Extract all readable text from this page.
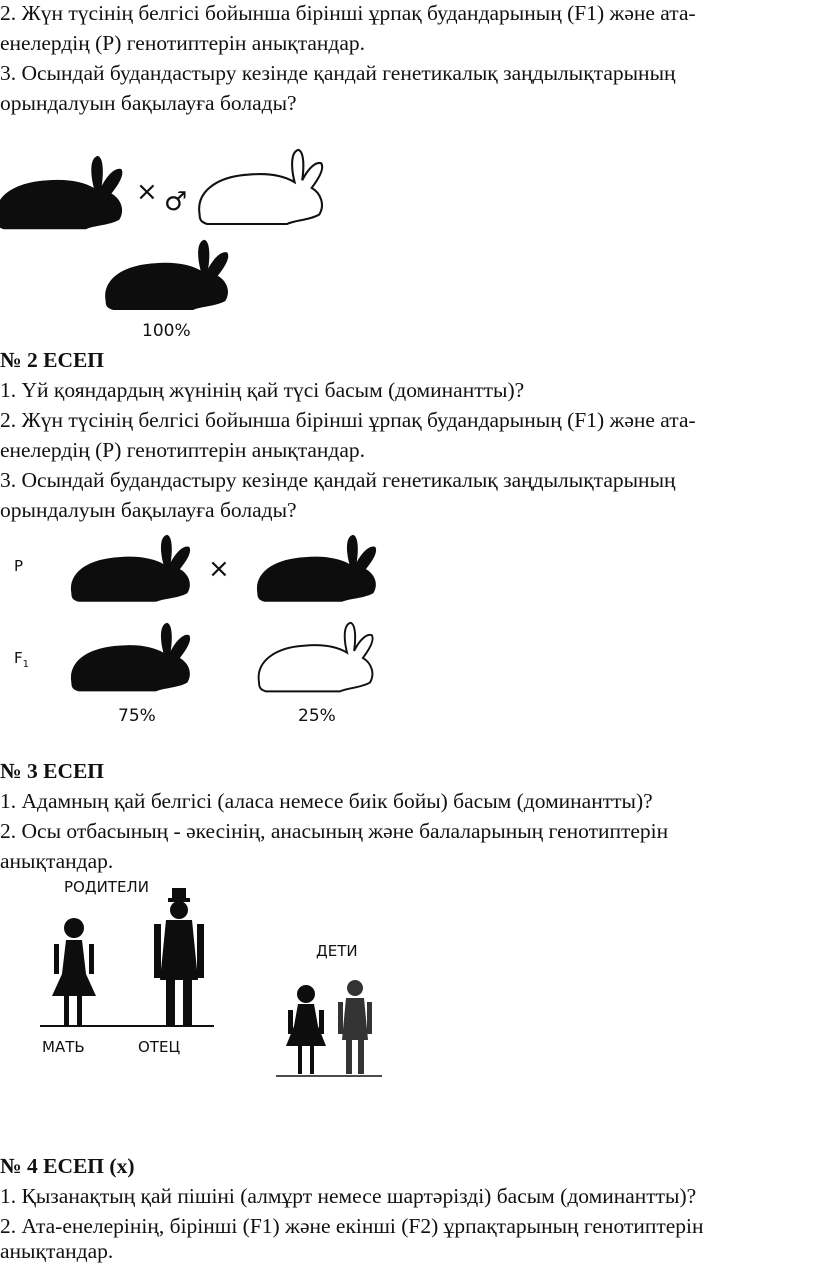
2. Жүн түсінің белгісі бойынша бірінші ұрпақ будандарының (F1) және ата-
енелердің (Р) генотиптерін анықтандар.
3. Осындай будандастыру кезінде қандай генетикалық заңдылықтарының
орындалуын бақылауға болады?
× ♂
100%
№ 2 ЕСЕП
1. Үй қояндардың жүнінің қай түсі басым (доминантты)?
2. Жүн түсінің белгісі бойынша бірінші ұрпақ будандарының (F1) және ата-
енелердің (Р) генотиптерін анықтандар.
3. Осындай будандастыру кезінде қандай генетикалық заңдылықтарының
орындалуын бақылауға болады?
P	×
$F_1$
75%	25%
№ 3 ЕСЕП
1. Адамның қай белгісі (аласа немесе биік бойы) басым (доминантты)?
2. Осы отбасының - әкесінің, анасының және балаларының генотиптерін
анықтандар.
РОДИТЕЛИ
ДЕТИ
МАТЬ	ОТЕЦ
№ 4 ЕСЕП (х)
1. Қызанақтың қай пішіні (алмұрт немесе шартәрізді) басым (доминантты)?
2. Ата-енелерінің, бірінші (F1) және екінші (F2) ұрпақтарының генотиптерін
анықтандар.
